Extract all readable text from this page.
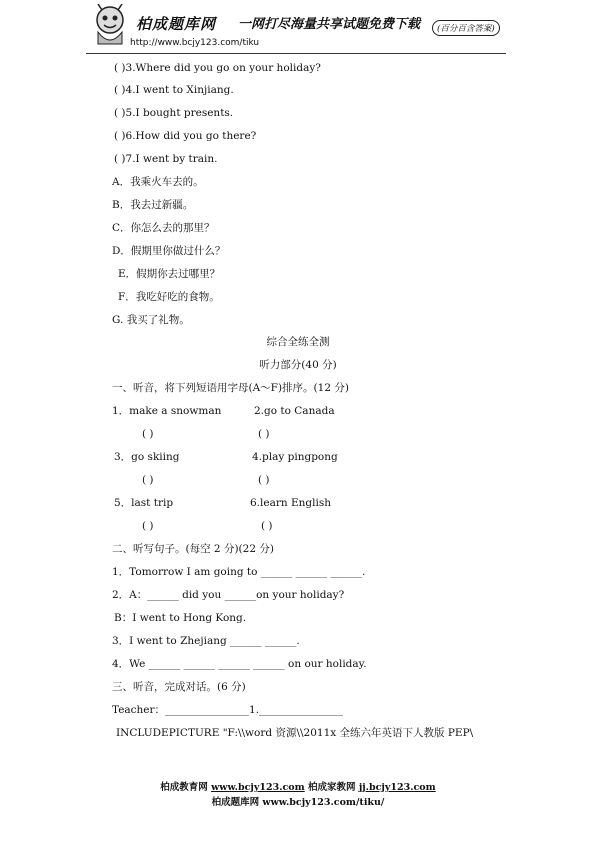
柏成题库网 一网打尽海量共享试题免费下载	(百分百含答案)
http://www.bcjy123.com/tiku
( )3.Where did you go on your holiday?
( )4.I went to Xinjiang.
( )5.I bought presents.
( )6.How did you go there?
( )7.I went by train.
A．我乘火车去的。
B．我去过新疆。
C．你怎么去的那里？
D．假期里你做过什么？
E．假期你去过哪里？
F．我吃好吃的食物。
G. 我买了礼物。
综合全练全测
听力部分(40 分)
一、听音，将下列短语用字母(A～F)排序。(12 分)
1．make a snowman	2.go to Canada
( )	( )
3．go skiing	4.play pingpong
( )	( )
5．last trip	6.learn English
( )	( )
二、听写句子。(每空 2 分)(22 分)
1．Tomorrow I am going to ______ ______ ______.
2．A：______ did you ______on your holiday?
B：I went to Hong Kong.
3．I went to Zhejiang ______ ______.
4．We ______ ______ ______ ______ on our holiday.
三、听音，完成对话。(6 分)
Teacher：________________1.________________
INCLUDEPICTURE "F:\\word 资源\\2011x 全练六年英语下人教版 PEP\
柏成教育网 www.bcjy123.com 柏成家教网 jj.bcjy123.com
柏成题库网 www.bcjy123.com/tiku/
